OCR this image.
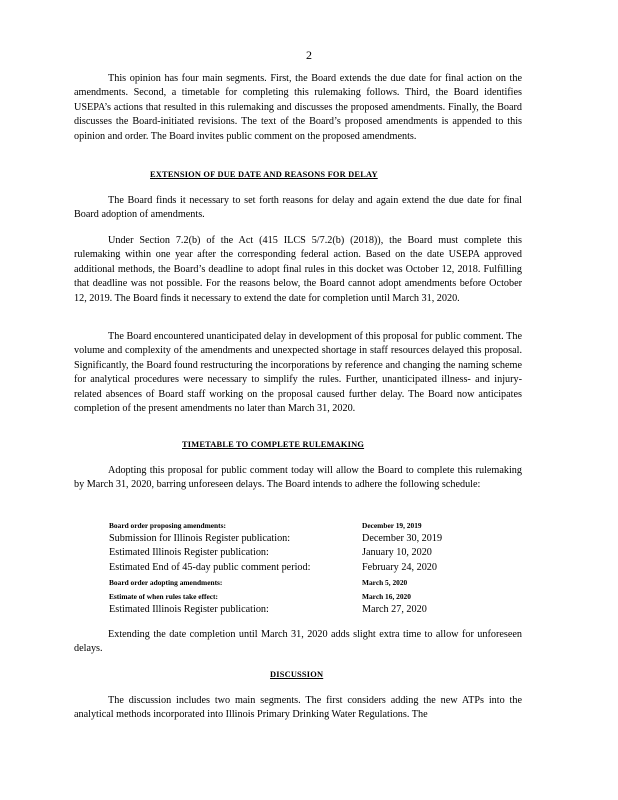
2
This opinion has four main segments. First, the Board extends the due date for final action on the amendments. Second, a timetable for completing this rulemaking follows. Third, the Board identifies USEPA’s actions that resulted in this rulemaking and discusses the proposed amendments. Finally, the Board discusses the Board-initiated revisions. The text of the Board’s proposed amendments is appended to this opinion and order. The Board invites public comment on the proposed amendments.
EXTENSION OF DUE DATE AND REASONS FOR DELAY
The Board finds it necessary to set forth reasons for delay and again extend the due date for final Board adoption of amendments.
Under Section 7.2(b) of the Act (415 ILCS 5/7.2(b) (2018)), the Board must complete this rulemaking within one year after the corresponding federal action. Based on the date USEPA approved additional methods, the Board’s deadline to adopt final rules in this docket was October 12, 2018. Fulfilling that deadline was not possible. For the reasons below, the Board cannot adopt amendments before October 12, 2019. The Board finds it necessary to extend the date for completion until March 31, 2020.
The Board encountered unanticipated delay in development of this proposal for public comment. The volume and complexity of the amendments and unexpected shortage in staff resources delayed this proposal. Significantly, the Board found restructuring the incorporations by reference and changing the naming scheme for analytical procedures were necessary to simplify the rules. Further, unanticipated illness- and injury-related absences of Board staff working on the proposal caused further delay. The Board now anticipates completion of the present amendments no later than March 31, 2020.
TIMETABLE TO COMPLETE RULEMAKING
Adopting this proposal for public comment today will allow the Board to complete this rulemaking by March 31, 2020, barring unforeseen delays. The Board intends to adhere the following schedule:
Board order proposing amendments:	December 19, 2019
Submission for Illinois Register publication:	December 30, 2019
Estimated Illinois Register publication:	January 10, 2020
Estimated End of 45-day public comment period:	February 24, 2020
Board order adopting amendments:	March 5, 2020
Estimate of when rules take effect:	March 16, 2020
Estimated Illinois Register publication:	March 27, 2020
Extending the date completion until March 31, 2020 adds slight extra time to allow for unforeseen delays.
DISCUSSION
The discussion includes two main segments. The first considers adding the new ATPs into the analytical methods incorporated into Illinois Primary Drinking Water Regulations. The
